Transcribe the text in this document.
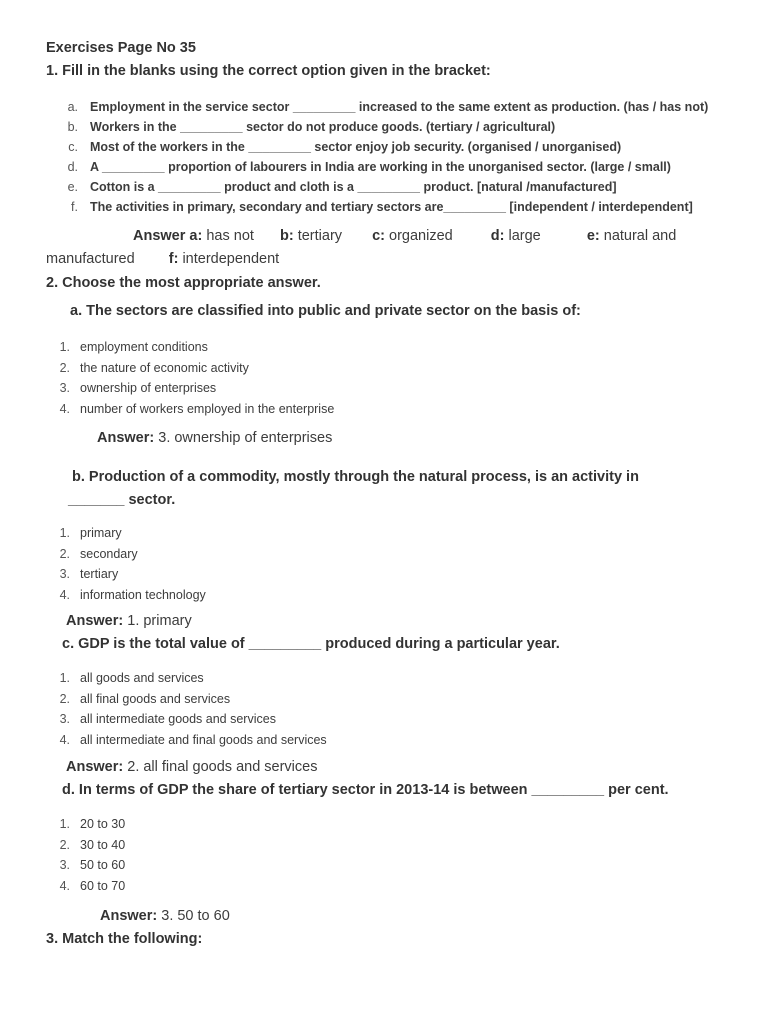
Exercises Page No 35

1. Fill in the blanks using the correct option given in the bracket:

a. Employment in the service sector _________ increased to the same extent as production. (has / has not)
b. Workers in the _________ sector do not produce goods. (tertiary / agricultural)
c. Most of the workers in the _________ sector enjoy job security. (organised / unorganised)
d. A _________ proportion of labourers in India are working in the unorganised sector. (large / small)
e. Cotton is a _________ product and cloth is a _________ product. [natural /manufactured]
f. The activities in primary, secondary and tertiary sectors are_________ [independent / interdependent]
Answer a: has not b: tertiary c: organized	d: large	e: natural and
manufactured f: interdependent

2. Choose the most appropriate answer.

a. The sectors are classified into public and private sector on the basis of:
1. employment conditions
2. the nature of economic activity
3. ownership of enterprises
4. number of workers employed in the enterprise
Answer: 3. ownership of enterprises
b. Production of a commodity, mostly through the natural process, is an activity in
_______ sector.
1. primary
2. secondary
3. tertiary
4. information technology
Answer: 1. primary
c. GDP is the total value of _________ produced during a particular year.
1. all goods and services
2. all final goods and services
3. all intermediate goods and services
4. all intermediate and final goods and services
Answer: 2. all final goods and services
d. In terms of GDP the share of tertiary sector in 2013-14 is between _________ per cent.
1. 20 to 30
2. 30 to 40
3. 50 to 60
4. 60 to 70
Answer: 3. 50 to 60

3. Match the following:
